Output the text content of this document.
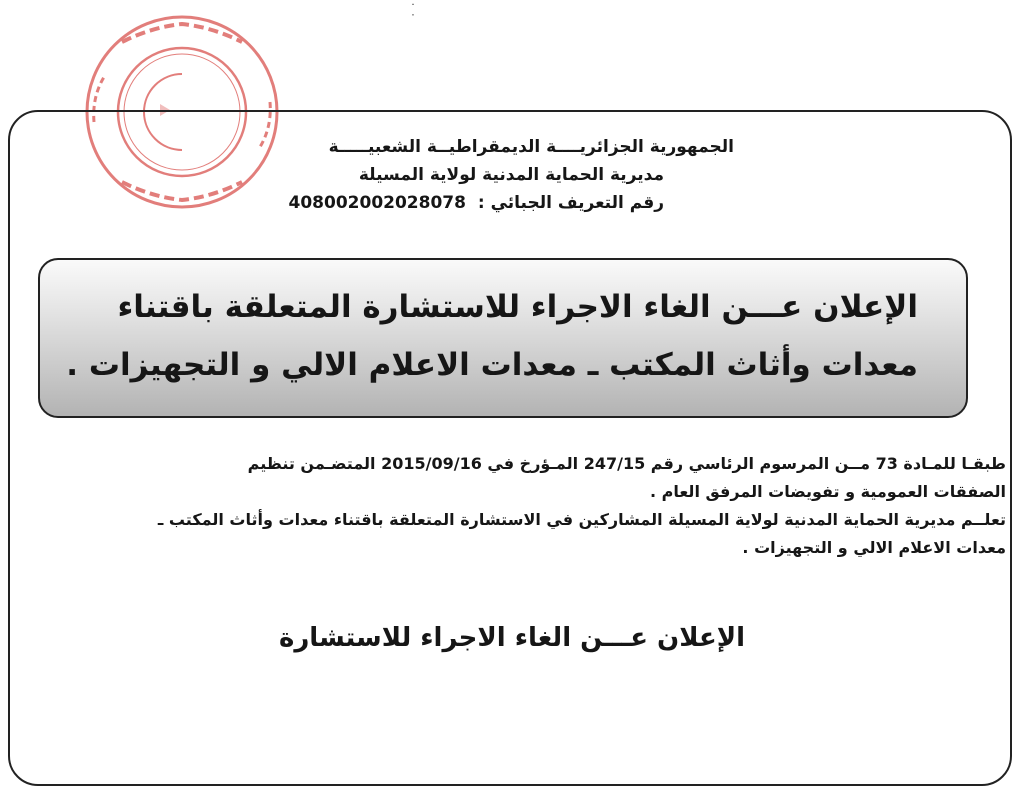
˙̣
الجمهورية الجزائريــــة الديمقراطيــة الشعبيـــــة
مديرية الحماية المدنية لولاية المسيلة
رقم التعريف الجبائي : 408002002028078
الإعلان عـــن الغاء الاجراء للاستشارة المتعلقة باقتناء
معدات وأثاث المكتب ـ معدات الاعلام الالي و التجهيزات .
طبقـا للمـادة 73 مــن المرسوم الرئاسي رقم 247/15 المـؤرخ في 2015/09/16 المتضـمن تنظيم
الصفقات العمومية و تفويضات المرفق العام .
تعلــم مديرية الحماية المدنية لولاية المسيلة المشاركين في الاستشارة المتعلقة باقتناء معدات وأثاث المكتب ـ
معدات الاعلام الالي و التجهيزات .
الإعلان عـــن الغاء الاجراء للاستشارة
